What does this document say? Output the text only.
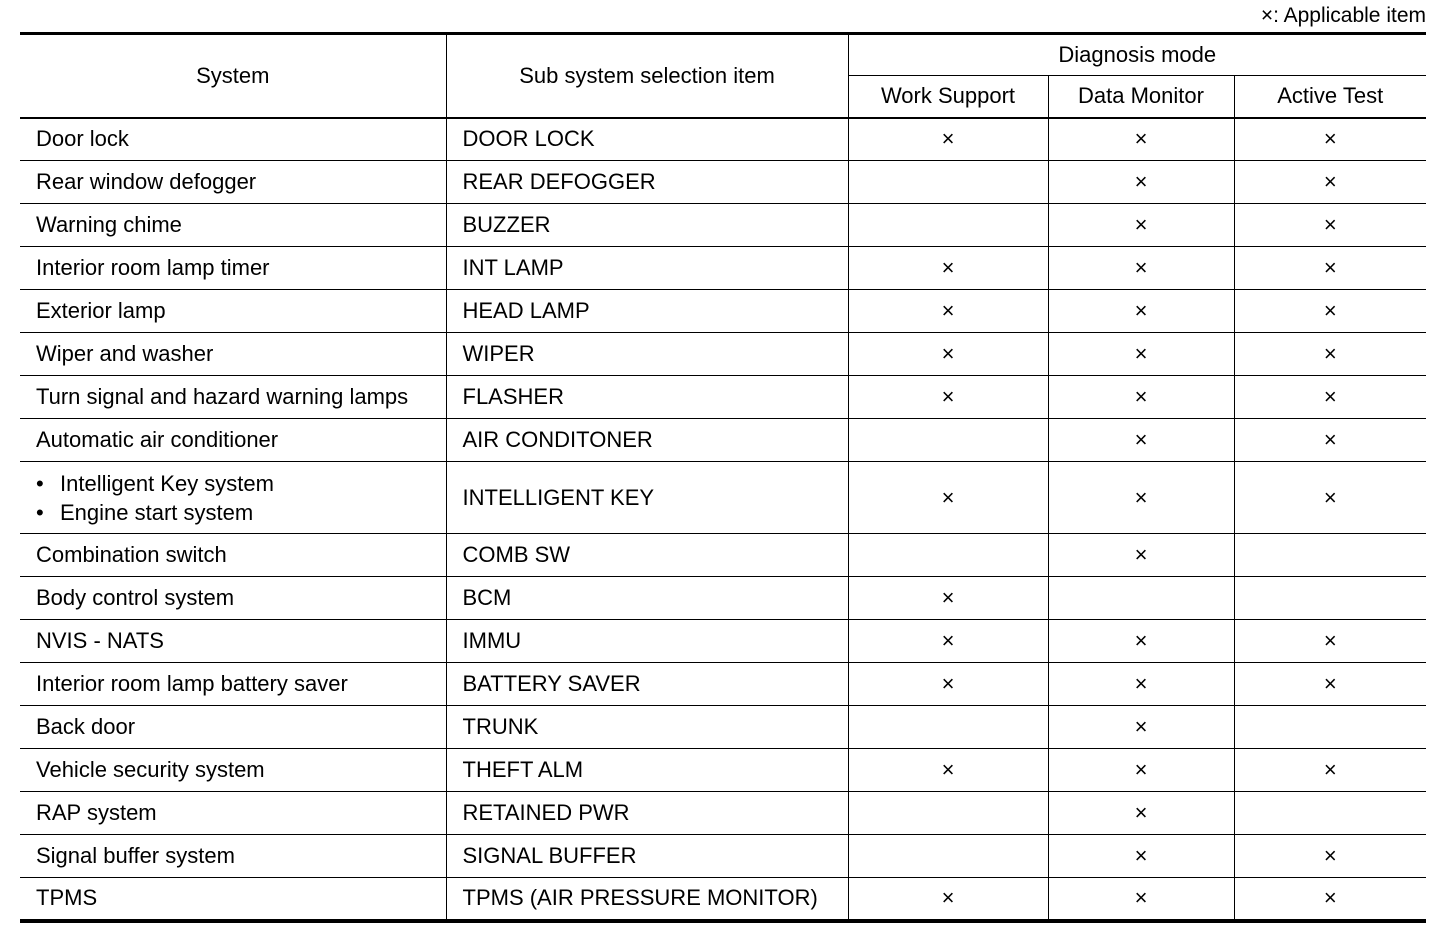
×: Applicable item
System	Sub system selection item	Diagnosis mode		
		Work Support	Data Monitor	Active Test
Door lock	DOOR LOCK	×	×	×
Rear window defogger	REAR DEFOGGER		×	×
Warning chime	BUZZER		×	×
Interior room lamp timer	INT LAMP	×	×	×
Exterior lamp	HEAD LAMP	×	×	×
Wiper and washer	WIPER	×	×	×
Turn signal and hazard warning lamps	FLASHER	×	×	×
Automatic air conditioner	AIR CONDITONER		×	×

• Intelligent Key system
• Engine start system	INTELLIGENT KEY	×	×	×
Combination switch	COMB SW		×	
Body control system	BCM	×		
NVIS - NATS	IMMU	×	×	×
Interior room lamp battery saver	BATTERY SAVER	×	×	×
Back door	TRUNK		×	
Vehicle security system	THEFT ALM	×	×	×
RAP system	RETAINED PWR		×	
Signal buffer system	SIGNAL BUFFER		×	×
TPMS	TPMS (AIR PRESSURE MONITOR)	×	×	×
